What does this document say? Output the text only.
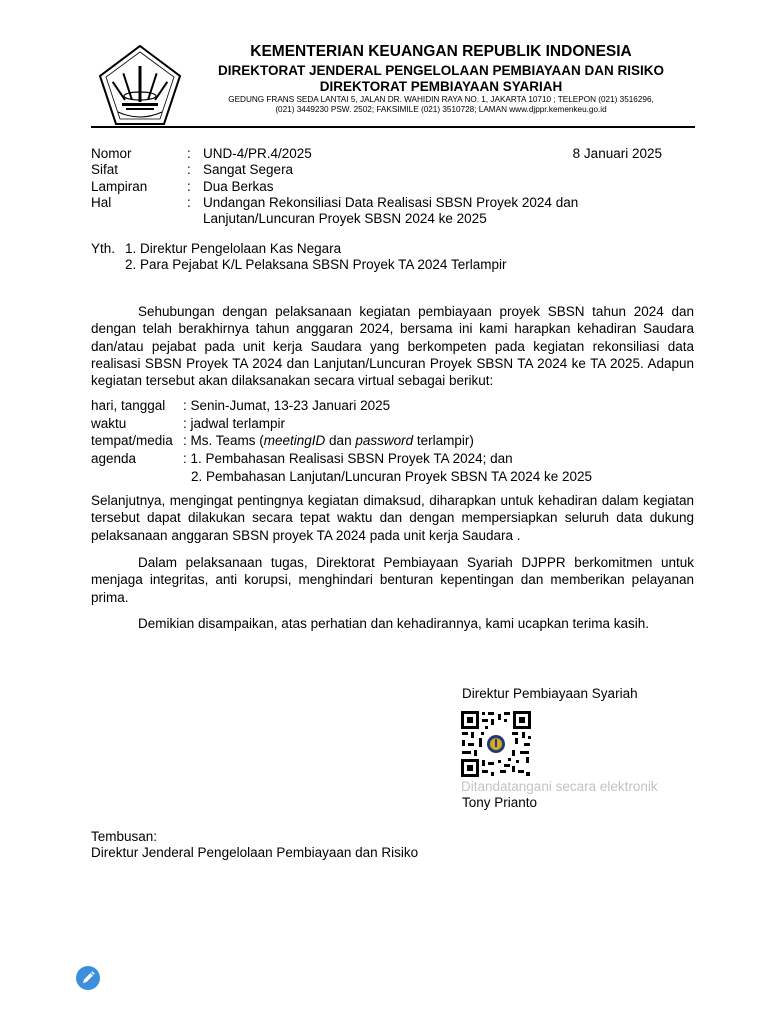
KEMENTERIAN KEUANGAN REPUBLIK INDONESIA
DIREKTORAT JENDERAL PENGELOLAAN PEMBIAYAAN DAN RISIKO
DIREKTORAT PEMBIAYAAN SYARIAH
GEDUNG FRANS SEDA LANTAI 5, JALAN DR. WAHIDIN RAYA NO. 1, JAKARTA 10710 ; TELEPON (021) 3516296,
(021) 3449230 PSW. 2502; FAKSIMILE (021) 3510728; LAMAN www.djppr.kemenkeu.go.id
8 Januari 2025
Nomor	: UND-4/PR.4/2025
Sifat	: Sangat Segera
Lampiran	: Dua Berkas
Hal	: Undangan Rekonsiliasi Data Realisasi SBSN Proyek 2024 dan
Lanjutan/Luncuran Proyek SBSN 2024 ke 2025
Yth. 1. Direktur Pengelolaan Kas Negara
2. Para Pejabat K/L Pelaksana SBSN Proyek TA 2024 Terlampir

Sehubungan dengan pelaksanaan kegiatan pembiayaan proyek SBSN tahun 2024 dan dengan telah berakhirnya tahun anggaran 2024, bersama ini kami harapkan kehadiran Saudara dan/atau pejabat pada unit kerja Saudara yang berkompeten pada kegiatan rekonsiliasi data realisasi SBSN Proyek TA 2024 dan Lanjutan/Luncuran Proyek SBSN TA 2024 ke TA 2025. Adapun kegiatan tersebut akan dilaksanakan secara virtual sebagai berikut:

hari, tanggal : Senin-Jumat, 13-23 Januari 2025
waktu	: jadwal terlampir
tempat/media : Ms. Teams (meetingID dan password terlampir)
agenda	: 1. Pembahasan Realisasi SBSN Proyek TA 2024; dan
2. Pembahasan Lanjutan/Luncuran Proyek SBSN TA 2024 ke 2025

Selanjutnya, mengingat pentingnya kegiatan dimaksud, diharapkan untuk kehadiran dalam kegiatan tersebut dapat dilakukan secara tepat waktu dan dengan mempersiapkan seluruh data dukung pelaksanaan anggaran SBSN proyek TA 2024 pada unit kerja Saudara .

Dalam pelaksanaan tugas, Direktorat Pembiayaan Syariah DJPPR berkomitmen untuk menjaga integritas, anti korupsi, menghindari benturan kepentingan dan memberikan pelayanan prima.

Demikian disampaikan, atas perhatian dan kehadirannya, kami ucapkan terima kasih.

Direktur Pembiayaan Syariah
Ditandatangani secara elektronik
Tony Prianto
Tembusan:
Direktur Jenderal Pengelolaan Pembiayaan dan Risiko
